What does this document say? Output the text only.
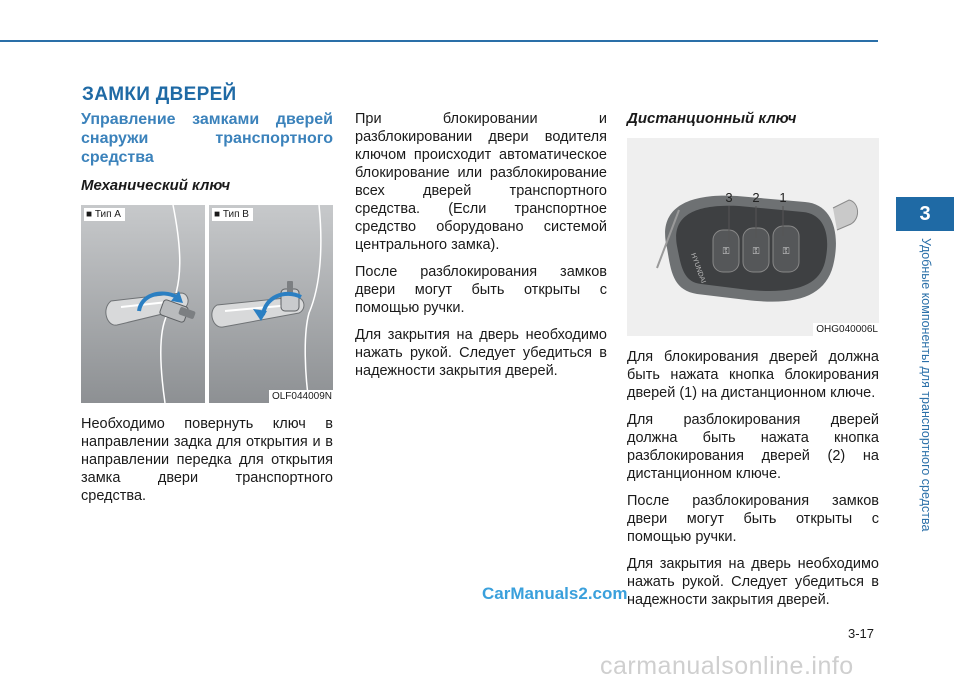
ЗАМКИ ДВЕРЕЙ
Управление замками дверей снаружи транспортного средства
Механический ключ
■ Тип A	■ Тип B
OLF044009N

Необходимо повернуть ключ в направлении задка для открытия и в направлении передка для открытия замка двери транспортного средства.

При блокировании и разблокировании двери водителя ключом происходит автоматическое блокирование или разблокирование всех дверей транспортного средства. (Если транспортное средство оборудовано системой центрального замка).

После разблокирования замков двери могут быть открыты с помощью ручки.

Для закрытия на дверь необходимо нажать рукой. Следует убедиться в надежности закрытия дверей.

Дистанционный ключ
⚿	⚿	⚿
HYUNDAI
3 2 1
OHG040006L

Для блокирования дверей должна быть нажата кнопка блокирования дверей (1) на дистанционном ключе.

Для разблокирования дверей должна быть нажата кнопка разблокирования дверей (2) на дистанционном ключе.

После разблокирования замков двери могут быть открыты с помощью ручки.

Для закрытия на дверь необходимо нажать рукой. Следует убедиться в надежности закрытия дверей.

3
Удобные компоненты для транспортного средства
3-17
CarManuals2.com
carmanualsonline.info
